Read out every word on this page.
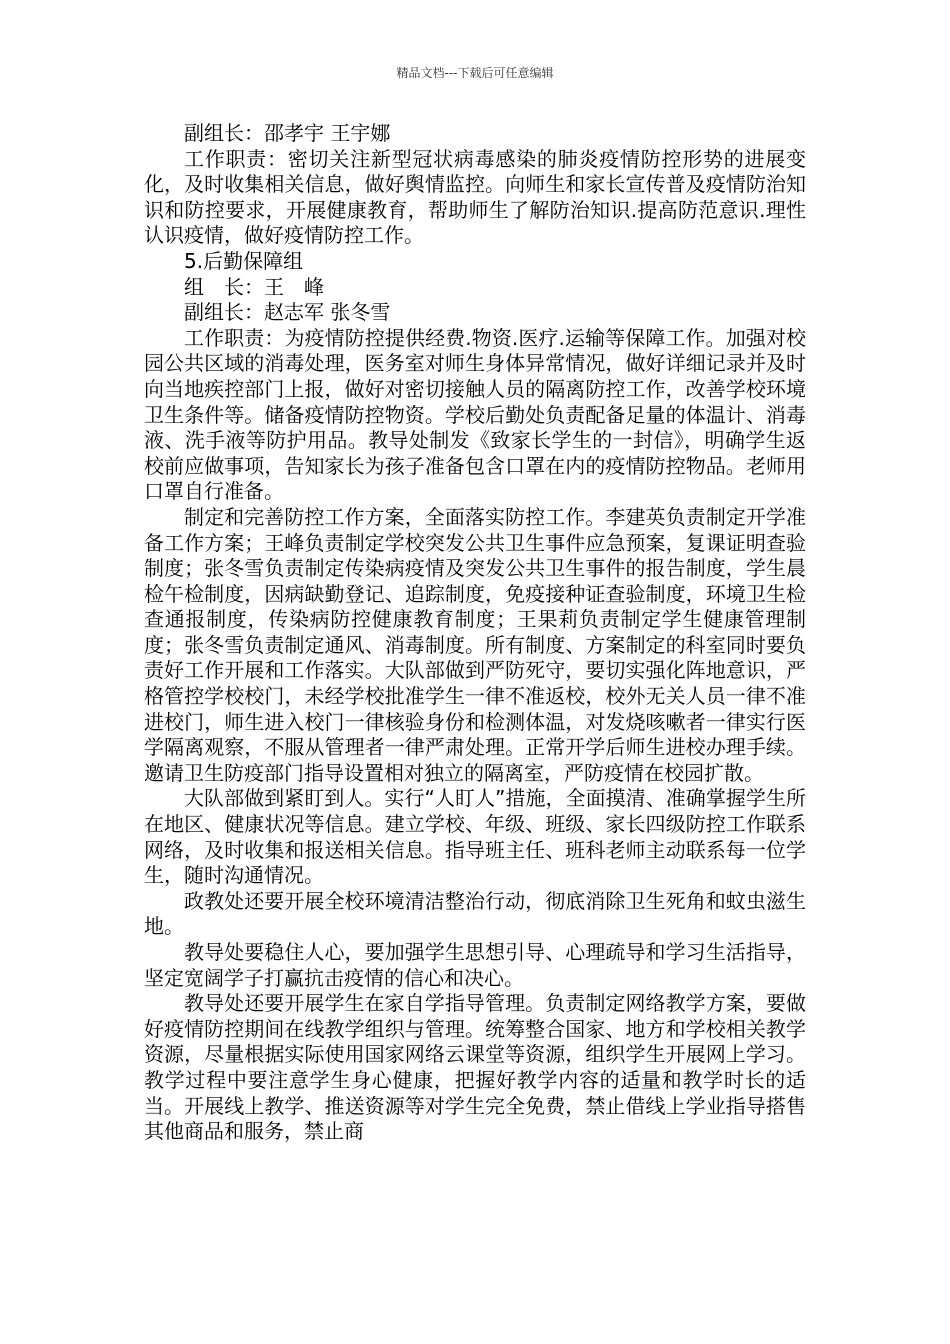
精品文档---下载后可任意编辑

副组长：邵孝宇 王宇娜

工作职责：密切关注新型冠状病毒感染的肺炎疫情防控形势的进展变化，及时收集相关信息，做好舆情监控。向师生和家长宣传普及疫情防治知识和防控要求，开展健康教育，帮助师生了解防治知识.提高防范意识.理性认识疫情，做好疫情防控工作。

5.后勤保障组

组　长：王　峰

副组长：赵志军 张冬雪

工作职责：为疫情防控提供经费.物资.医疗.运输等保障工作。加强对校园公共区域的消毒处理，医务室对师生身体异常情况，做好详细记录并及时向当地疾控部门上报，做好对密切接触人员的隔离防控工作，改善学校环境卫生条件等。储备疫情防控物资。学校后勤处负责配备足量的体温计、消毒液、洗手液等防护用品。教导处制发《致家长学生的一封信》，明确学生返校前应做事项，告知家长为孩子准备包含口罩在内的疫情防控物品。老师用口罩自行准备。

制定和完善防控工作方案，全面落实防控工作。李建英负责制定开学准备工作方案；王峰负责制定学校突发公共卫生事件应急预案，复课证明查验制度；张冬雪负责制定传染病疫情及突发公共卫生事件的报告制度，学生晨检午检制度，因病缺勤登记、追踪制度，免疫接种证查验制度，环境卫生检查通报制度，传染病防控健康教育制度；王果莉负责制定学生健康管理制度；张冬雪负责制定通风、消毒制度。所有制度、方案制定的科室同时要负责好工作开展和工作落实。大队部做到严防死守，要切实强化阵地意识，严格管控学校校门，未经学校批准学生一律不准返校，校外无关人员一律不准进校门，师生进入校门一律核验身份和检测体温，对发烧咳嗽者一律实行医学隔离观察，不服从管理者一律严肃处理。正常开学后师生进校办理手续。邀请卫生防疫部门指导设置相对独立的隔离室，严防疫情在校园扩散。

大队部做到紧盯到人。实行“人盯人”措施，全面摸清、准确掌握学生所在地区、健康状况等信息。建立学校、年级、班级、家长四级防控工作联系网络，及时收集和报送相关信息。指导班主任、班科老师主动联系每一位学生，随时沟通情况。

政教处还要开展全校环境清洁整治行动，彻底消除卫生死角和蚊虫滋生地。

教导处要稳住人心，要加强学生思想引导、心理疏导和学习生活指导，坚定宽阔学子打赢抗击疫情的信心和决心。

教导处还要开展学生在家自学指导管理。负责制定网络教学方案，要做好疫情防控期间在线教学组织与管理。统筹整合国家、地方和学校相关教学资源，尽量根据实际使用国家网络云课堂等资源，组织学生开展网上学习。教学过程中要注意学生身心健康，把握好教学内容的适量和教学时长的适当。开展线上教学、推送资源等对学生完全免费，禁止借线上学业指导搭售其他商品和服务，禁止商
